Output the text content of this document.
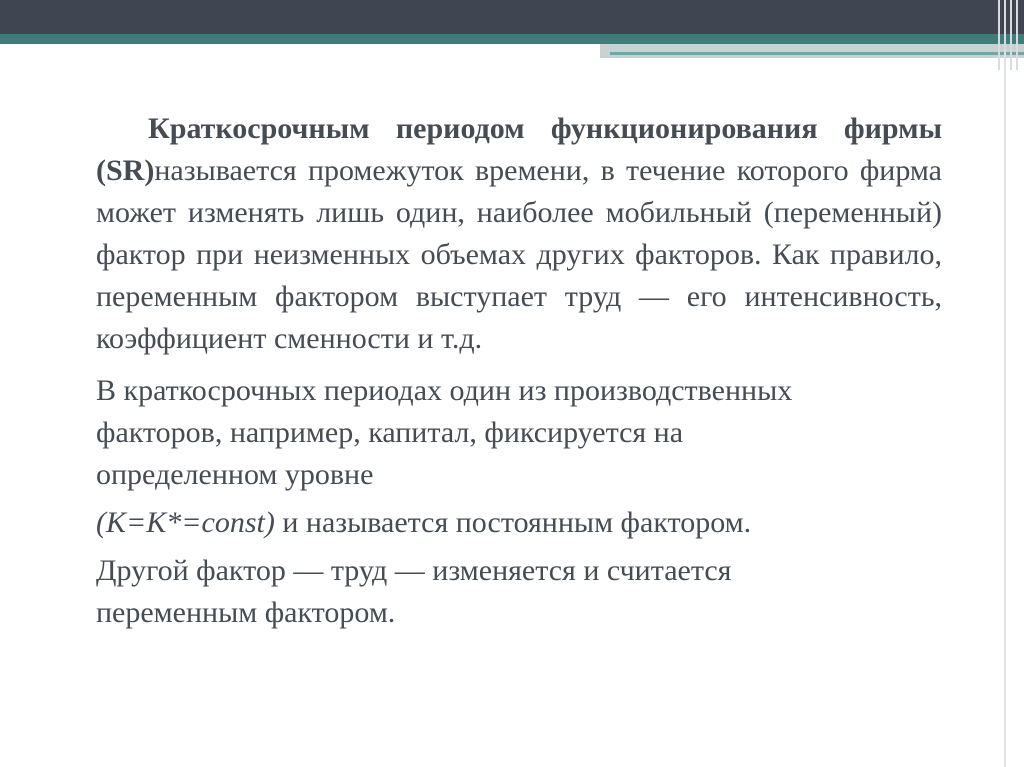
Краткосрочным периодом функционирования фирмы (SR)называется промежуток времени, в течение которого фирма может изменять лишь один, наиболее мобильный (переменный) фактор при неизменных объемах других факторов. Как правило, переменным фактором выступает труд — его интенсивность, коэффициент сменности и т.д.

В краткосрочных периодах один из производственных
факторов, например, капитал, фиксируется на
определенном уровне
(K=K*=const) и называется постоянным фактором.
Другой фактор — труд — изменяется и считается
переменным фактором.
